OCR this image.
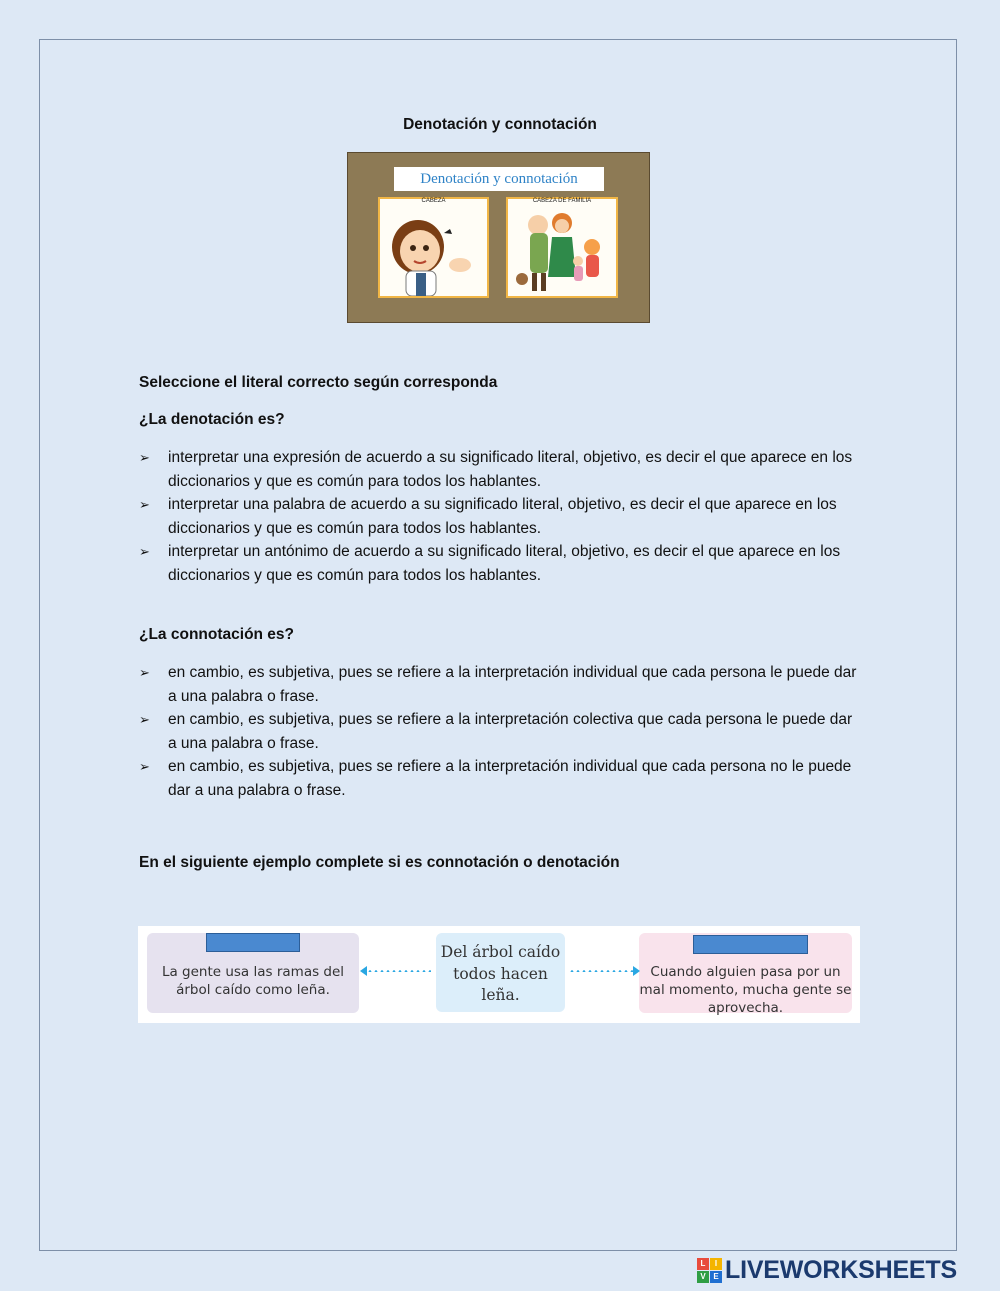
Denotación y connotación
Denotación y connotación
CABEZA	CABEZA DE FAMILIA
Seleccione el literal correcto según corresponda
¿La denotación es?
➢ interpretar una expresión de acuerdo a su significado literal, objetivo, es decir el que aparece en los diccionarios y que es común para todos los hablantes.
➢ interpretar una palabra de acuerdo a su significado literal, objetivo, es decir el que aparece en los diccionarios y que es común para todos los hablantes.
➢ interpretar un antónimo de acuerdo a su significado literal, objetivo, es decir el que aparece en los diccionarios y que es común para todos los hablantes.
¿La connotación es?
➢ en cambio, es subjetiva, pues se refiere a la interpretación individual que cada persona le puede dar a una palabra o frase.
➢ en cambio, es subjetiva, pues se refiere a la interpretación colectiva que cada persona le puede dar a una palabra o frase.
➢ en cambio, es subjetiva, pues se refiere a la interpretación individual que cada persona no le puede dar a una palabra o frase.
En el siguiente ejemplo complete si es connotación o denotación
La gente usa las ramas del árbol caído como leña.
Del árbol caído todos hacen leña.
Cuando alguien pasa por un mal momento, mucha gente se aprovecha.
L	I
V E LIVEWORKSHEETS
